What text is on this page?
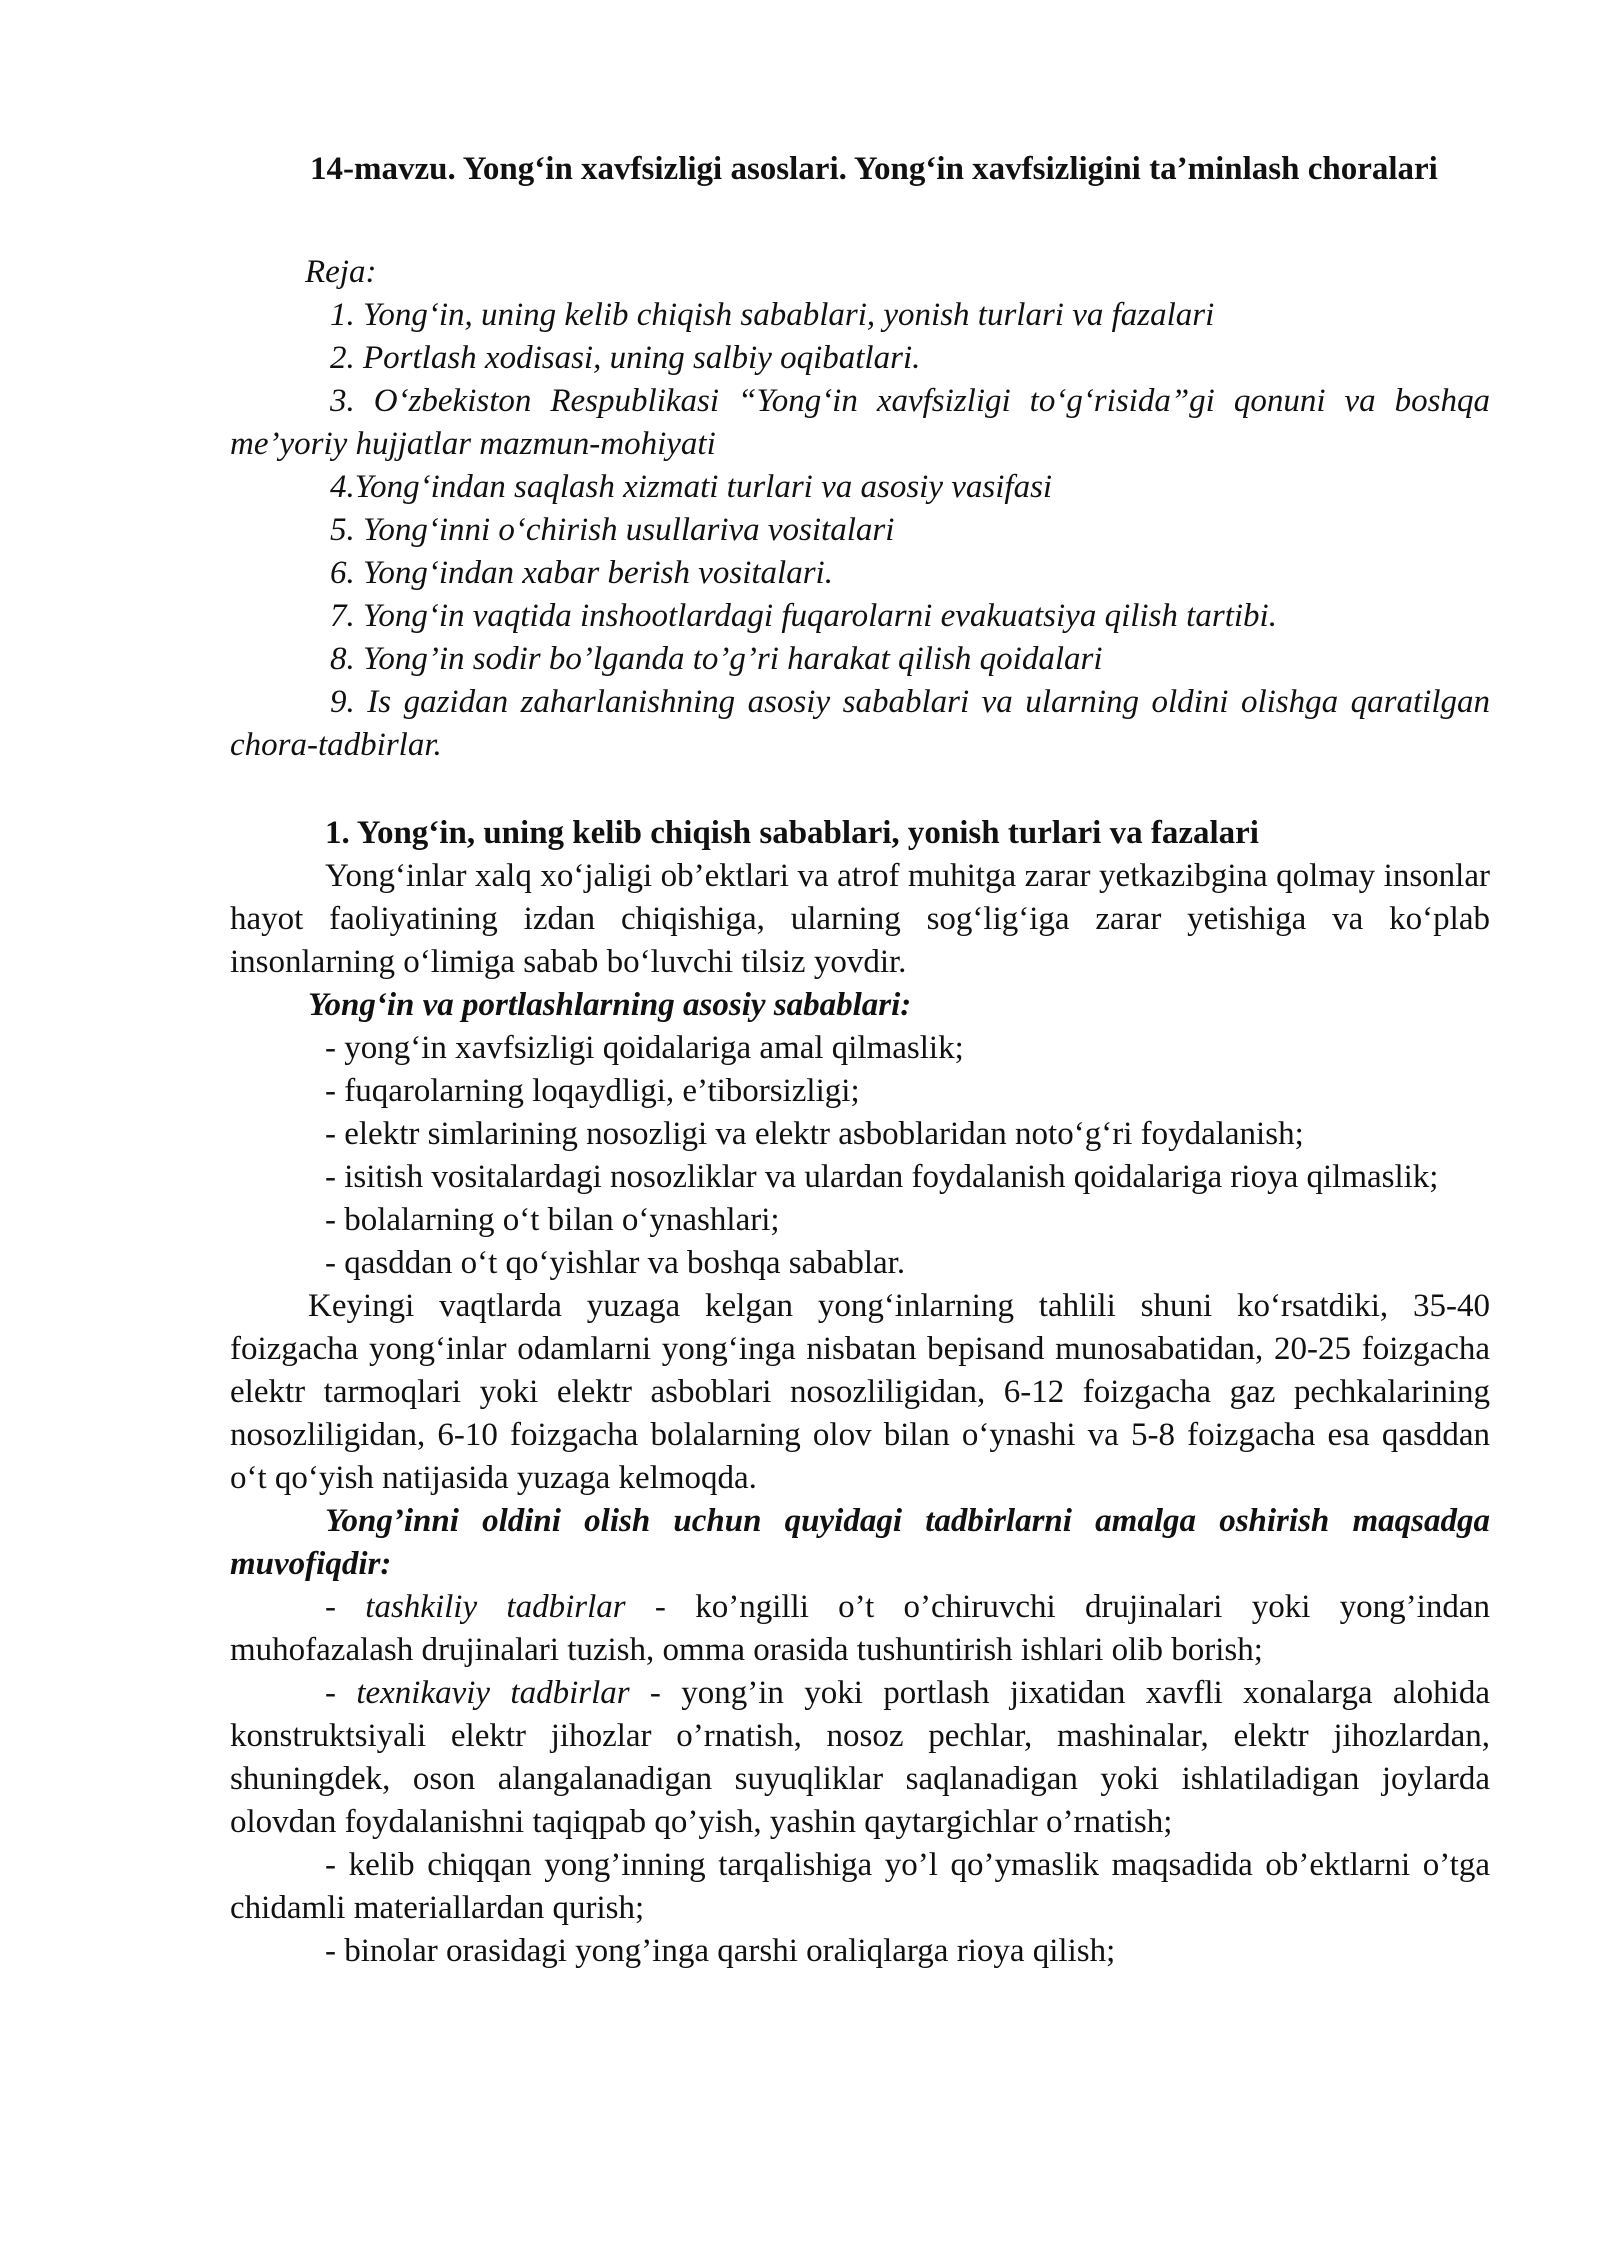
14-mavzu. Yong‘in xavfsizligi asoslari. Yong‘in xavfsizligini ta’minlash choralari
Reja:
1. Yong‘in, uning kelib chiqish sabablari, yonish turlari va fazalari
2. Portlash xodisasi, uning salbiy oqibatlari.
3. O‘zbekiston Respublikasi “Yong‘in xavfsizligi to‘g‘risida”gi qonuni va boshqa me’yoriy hujjatlar mazmun-mohiyati
4.Yong‘indan saqlash xizmati turlari va asosiy vasifasi
5. Yong‘inni o‘chirish usullariva vositalari
6. Yong‘indan xabar berish vositalari.
7. Yong‘in vaqtida inshootlardagi fuqarolarni evakuatsiya qilish tartibi.
8. Yong’in sodir bo’lganda to’g’ri harakat qilish qoidalari
9. Is gazidan zaharlanishning asosiy sabablari va ularning oldini olishga qaratilgan chora-tadbirlar.
1. Yong‘in, uning kelib chiqish sabablari, yonish turlari va fazalari

Yong‘inlar xalq xo‘jaligi ob’ektlari va atrof muhitga zarar yetkazibgina qolmay insonlar hayot faoliyatining izdan chiqishiga, ularning sog‘lig‘iga zarar yetishiga va ko‘plab insonlarning o‘limiga sabab bo‘luvchi tilsiz yovdir.

Yong‘in va portlashlarning asosiy sabablari:

- yong‘in xavfsizligi qoidalariga amal qilmaslik;
- fuqarolarning loqaydligi, e’tiborsizligi;
- elektr simlarining nosozligi va elektr asboblaridan noto‘g‘ri foydalanish;
- isitish vositalardagi nosozliklar va ulardan foydalanish qoidalariga rioya qilmaslik;
- bolalarning o‘t bilan o‘ynashlari;
- qasddan o‘t qo‘yishlar va boshqa sabablar.

Keyingi vaqtlarda yuzaga kelgan yong‘inlarning tahlili shuni ko‘rsatdiki, 35-40 foizgacha yong‘inlar odamlarni yong‘inga nisbatan bepisand munosabatidan, 20-25 foizgacha elektr tarmoqlari yoki elektr asboblari nosozliligidan, 6-12 foizgacha gaz pechkalarining nosozliligidan, 6-10 foizgacha bolalarning olov bilan o‘ynashi va 5-8 foizgacha esa qasddan o‘t qo‘yish natijasida yuzaga kelmoqda.

Yong’inni oldini olish uchun quyidagi tadbirlarni amalga oshirish maqsadga muvofiqdir:

- tashkiliy tadbirlar - ko’ngilli o’t o’chiruvchi drujinalari yoki yong’indan muhofazalash drujinalari tuzish, omma orasida tushuntirish ishlari olib borish;

- texnikaviy tadbirlar - yong’in yoki portlash jixatidan xavfli xonalarga alohida konstruktsiyali elektr jihozlar o’rnatish, nosoz pechlar, mashinalar, elektr jihozlardan, shuningdek, oson alangalanadigan suyuqliklar saqlanadigan yoki ishlatiladigan joylarda olovdan foydalanishni taqiqpab qo’yish, yashin qaytargichlar o’rnatish;

- kelib chiqqan yong’inning tarqalishiga yo’l qo’ymaslik maqsadida ob’ektlarni o’tga chidamli materiallardan qurish;

- binolar orasidagi yong’inga qarshi oraliqlarga rioya qilish;
